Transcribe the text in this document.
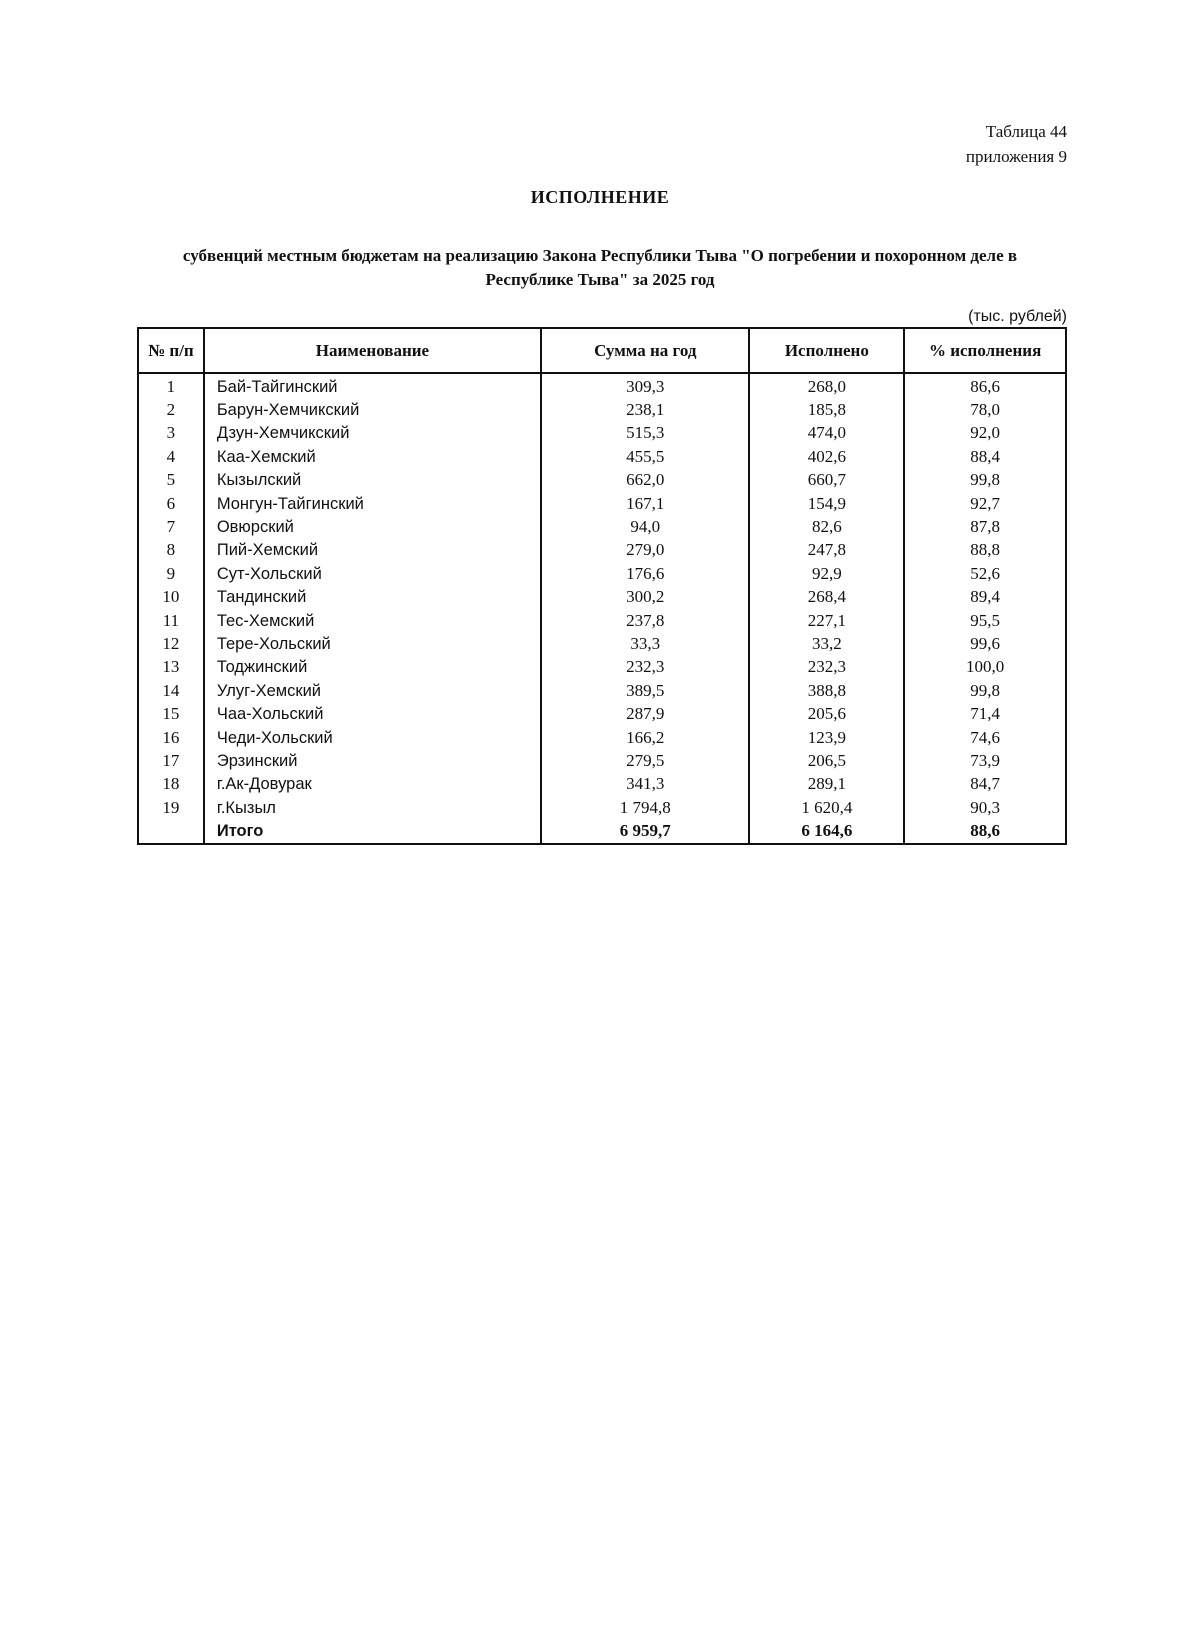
Таблица 44
приложения 9
ИСПОЛНЕНИЕ
субвенций местным бюджетам на реализацию Закона Республики Тыва "О погребении и похоронном деле в Республике Тыва" за 2025 год
(тыс. рублей)
№ п/п	Наименование	Сумма на год	Исполнено	% исполнения
1	Бай-Тайгинский	309,3	268,0	86,6
2	Барун-Хемчикский	238,1	185,8	78,0
3	Дзун-Хемчикский	515,3	474,0	92,0
4	Каа-Хемский	455,5	402,6	88,4
5	Кызылский	662,0	660,7	99,8
6	Монгун-Тайгинский	167,1	154,9	92,7
7	Овюрский	94,0	82,6	87,8
8	Пий-Хемский	279,0	247,8	88,8
9	Сут-Хольский	176,6	92,9	52,6
10	Тандинский	300,2	268,4	89,4
11	Тес-Хемский	237,8	227,1	95,5
12	Тере-Хольский	33,3	33,2	99,6
13	Тоджинский	232,3	232,3	100,0
14	Улуг-Хемский	389,5	388,8	99,8
15	Чаа-Хольский	287,9	205,6	71,4
16	Чеди-Хольский	166,2	123,9	74,6
17	Эрзинский	279,5	206,5	73,9
18	г.Ак-Довурак	341,3	289,1	84,7
19	г.Кызыл	1 794,8	1 620,4	90,3
	Итого	6 959,7	6 164,6	88,6
